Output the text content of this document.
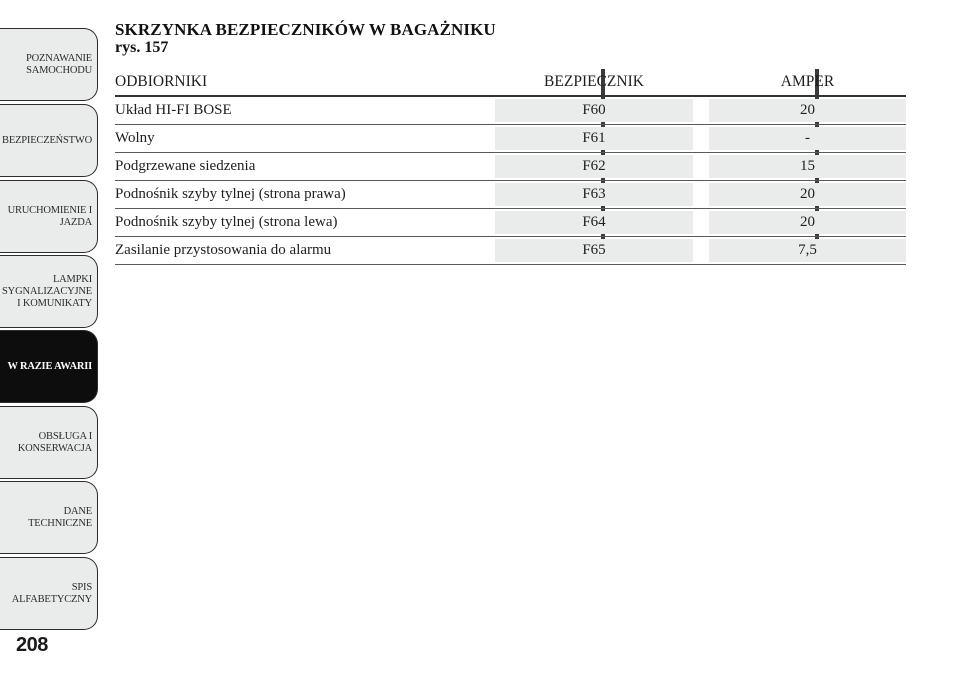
POZNAWANIE
SAMOCHODU
BEZPIECZEŃSTWO
URUCHOMIENIE I
JAZDA
LAMPKI
SYGNALIZACYJNE
I KOMUNIKATY
W RAZIE AWARII
OBSŁUGA I
KONSERWACJA
DANE
TECHNICZNE
SPIS
ALFABETYCZNY
208
SKRZYNKA BEZPIECZNIKÓW W BAGAŻNIKU
rys. 157
ODBIORNIKI	BEZPIECZNIK	AMPER
Układ HI-FI BOSE	F60	20
Wolny	F61	-
Podgrzewane siedzenia	F62	15
Podnośnik szyby tylnej (strona prawa)	F63	20
Podnośnik szyby tylnej (strona lewa)	F64	20
Zasilanie przystosowania do alarmu	F65	7,5
